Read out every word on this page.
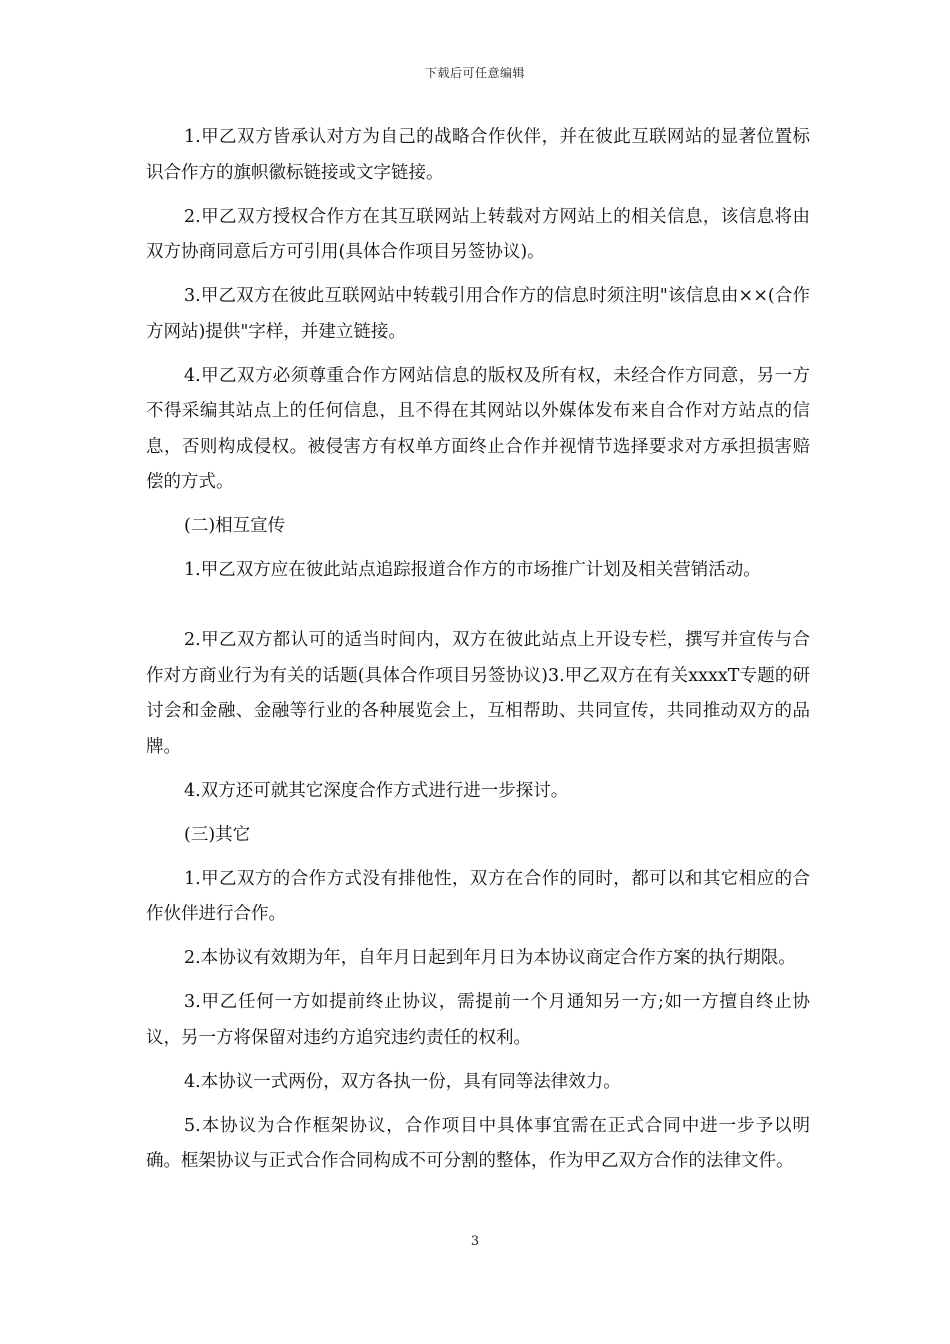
下载后可任意编辑

1.甲乙双方皆承认对方为自己的战略合作伙伴，并在彼此互联网站的显著位置标识合作方的旗帜徽标链接或文字链接。

2.甲乙双方授权合作方在其互联网站上转载对方网站上的相关信息，该信息将由双方协商同意后方可引用(具体合作项目另签协议)。

3.甲乙双方在彼此互联网站中转载引用合作方的信息时须注明"该信息由××(合作方网站)提供"字样，并建立链接。

4.甲乙双方必须尊重合作方网站信息的版权及所有权，未经合作方同意，另一方不得采编其站点上的任何信息，且不得在其网站以外媒体发布来自合作对方站点的信息，否则构成侵权。被侵害方有权单方面终止合作并视情节选择要求对方承担损害赔偿的方式。

(二)相互宣传

1.甲乙双方应在彼此站点追踪报道合作方的市场推广计划及相关营销活动。

2.甲乙双方都认可的适当时间内，双方在彼此站点上开设专栏，撰写并宣传与合作对方商业行为有关的话题(具体合作项目另签协议)3.甲乙双方在有关xxxxT专题的研讨会和金融、金融等行业的各种展览会上，互相帮助、共同宣传，共同推动双方的品牌。

4.双方还可就其它深度合作方式进行进一步探讨。

(三)其它

1.甲乙双方的合作方式没有排他性，双方在合作的同时，都可以和其它相应的合作伙伴进行合作。

2.本协议有效期为年，自年月日起到年月日为本协议商定合作方案的执行期限。

3.甲乙任何一方如提前终止协议，需提前一个月通知另一方;如一方擅自终止协议，另一方将保留对违约方追究违约责任的权利。

4.本协议一式两份，双方各执一份，具有同等法律效力。

5.本协议为合作框架协议，合作项目中具体事宜需在正式合同中进一步予以明确。框架协议与正式合作合同构成不可分割的整体，作为甲乙双方合作的法律文件。

3
